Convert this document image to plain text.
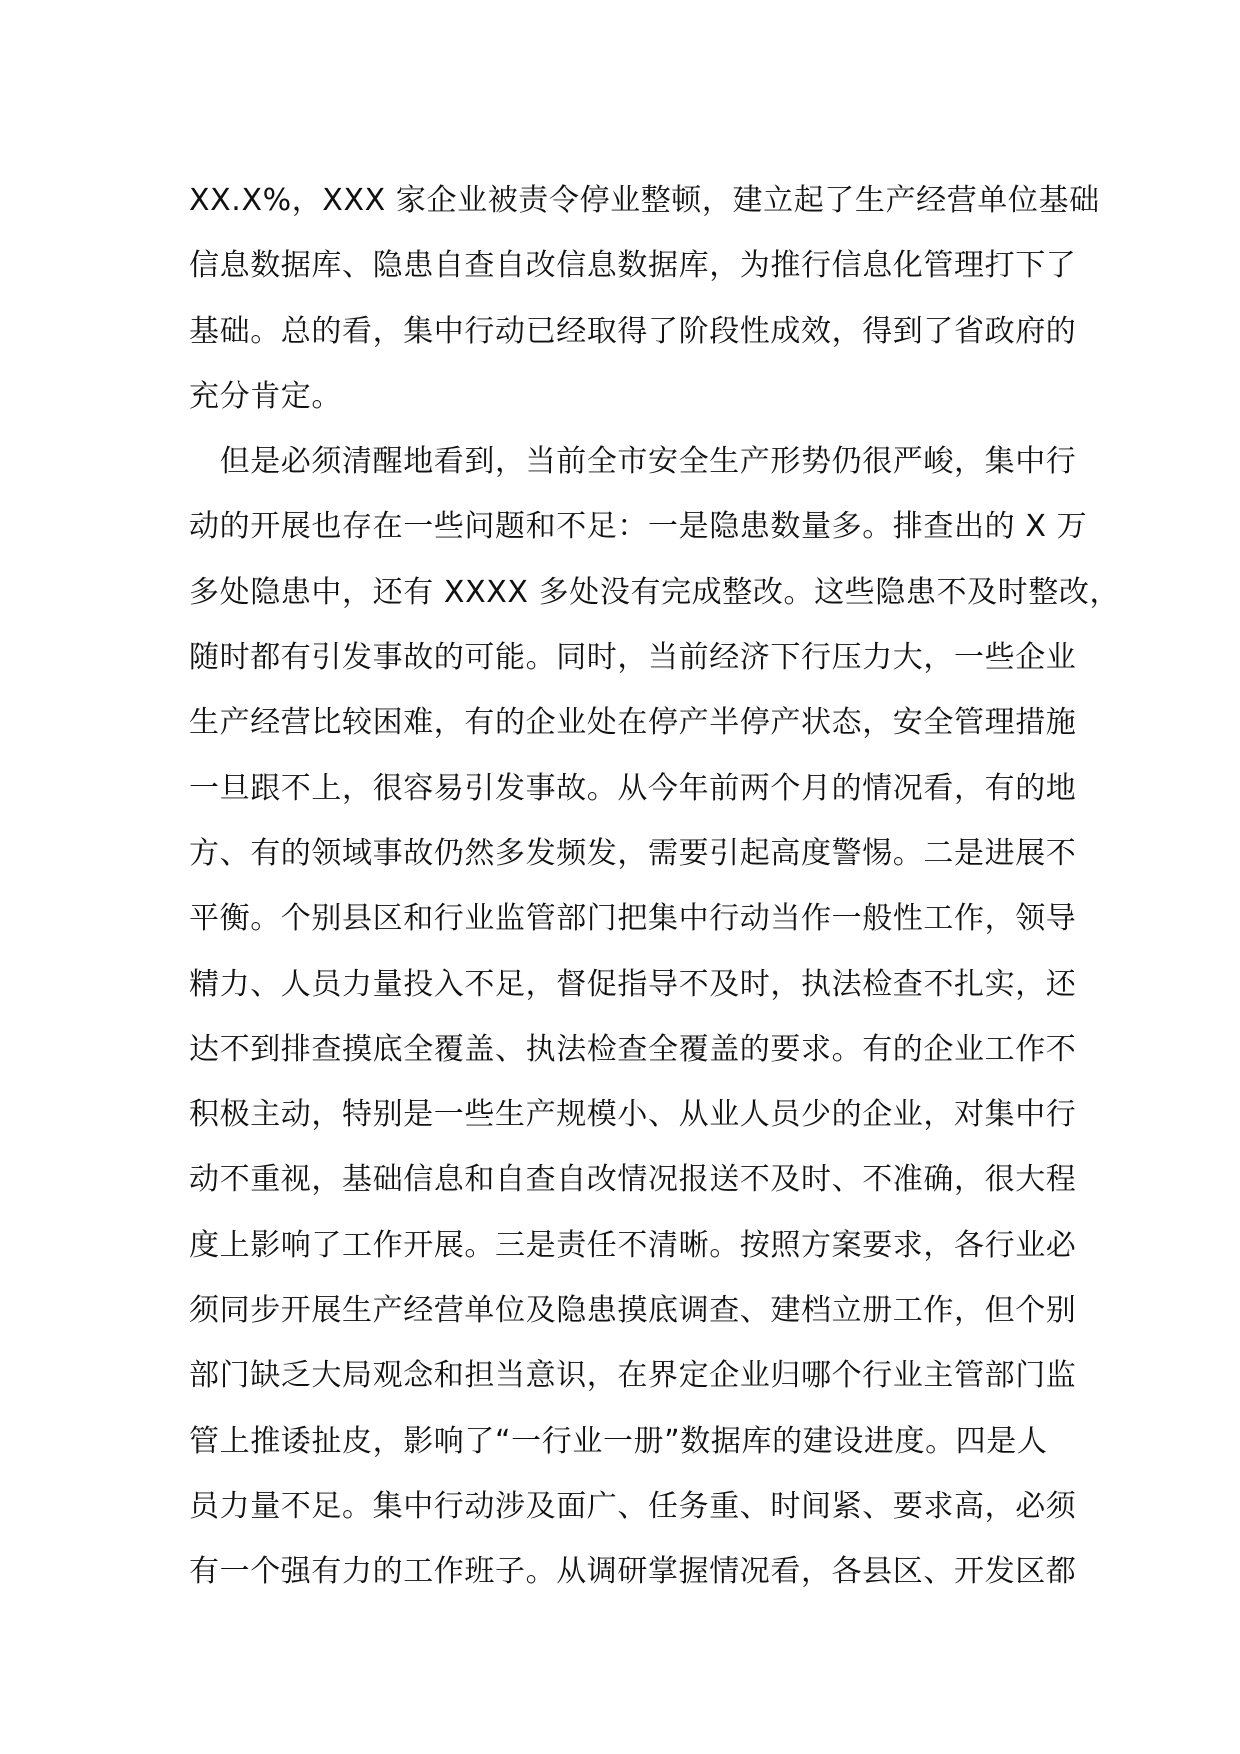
XX.X%，XXX 家企业被责令停业整顿，建立起了生产经营单位基础
信息数据库、隐患自查自改信息数据库，为推行信息化管理打下了
基础。总的看，集中行动已经取得了阶段性成效，得到了省政府的
充分肯定。
　但是必须清醒地看到，当前全市安全生产形势仍很严峻，集中行
动的开展也存在一些问题和不足：一是隐患数量多。排查出的 X 万
多处隐患中，还有 XXXX 多处没有完成整改。这些隐患不及时整改，
随时都有引发事故的可能。同时，当前经济下行压力大，一些企业
生产经营比较困难，有的企业处在停产半停产状态，安全管理措施
一旦跟不上，很容易引发事故。从今年前两个月的情况看，有的地
方、有的领域事故仍然多发频发，需要引起高度警惕。二是进展不
平衡。个别县区和行业监管部门把集中行动当作一般性工作，领导
精力、人员力量投入不足，督促指导不及时，执法检查不扎实，还
达不到排查摸底全覆盖、执法检查全覆盖的要求。有的企业工作不
积极主动，特别是一些生产规模小、从业人员少的企业，对集中行
动不重视，基础信息和自查自改情况报送不及时、不准确，很大程
度上影响了工作开展。三是责任不清晰。按照方案要求，各行业必
须同步开展生产经营单位及隐患摸底调查、建档立册工作，但个别
部门缺乏大局观念和担当意识，在界定企业归哪个行业主管部门监
管上推诿扯皮，影响了“一行业一册”数据库的建设进度。四是人
员力量不足。集中行动涉及面广、任务重、时间紧、要求高，必须
有一个强有力的工作班子。从调研掌握情况看，各县区、开发区都
